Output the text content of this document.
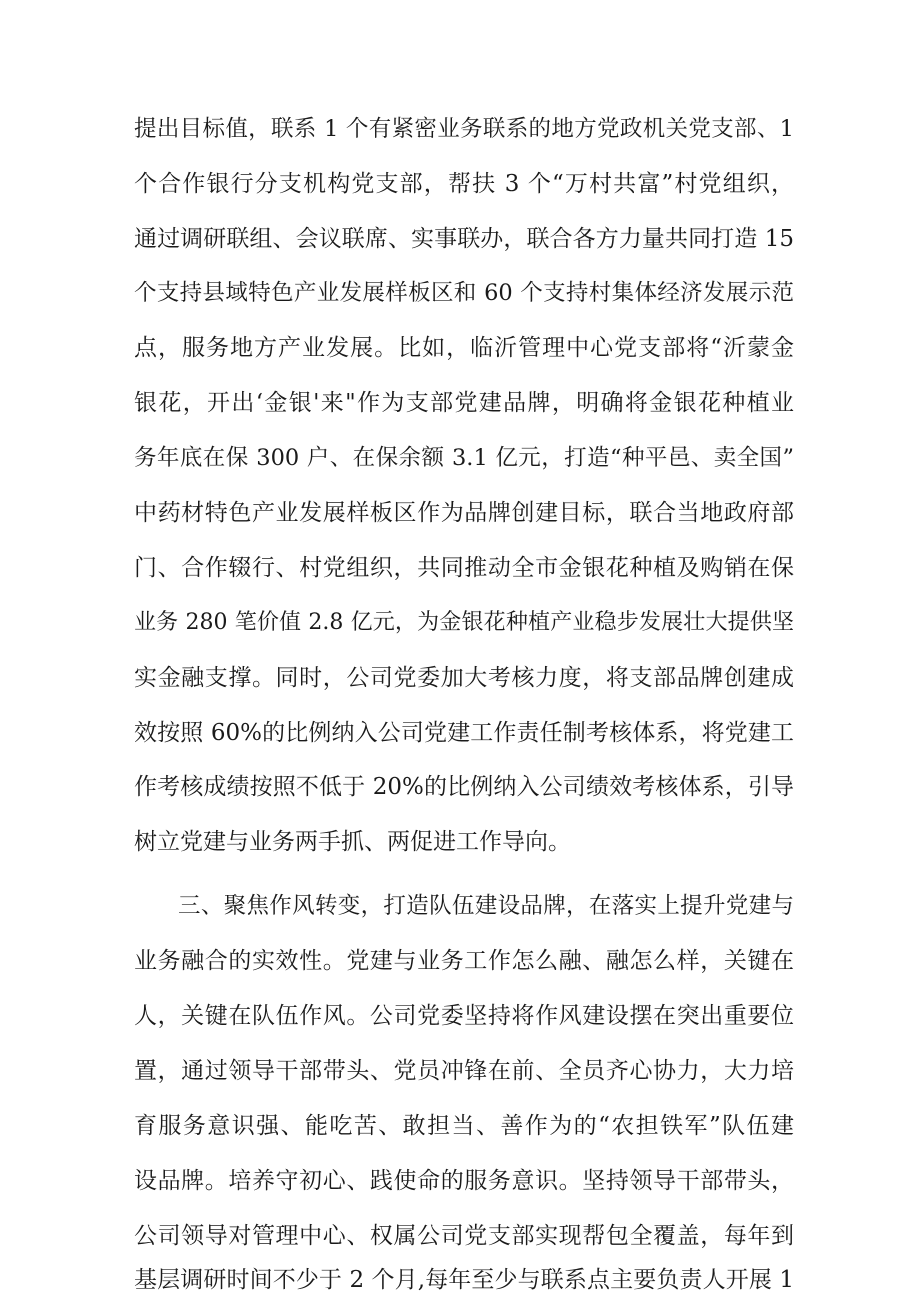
提出目标值，联系 1 个有紧密业务联系的地方党政机关党支部、1
个合作银行分支机构党支部，帮扶 3 个“万村共富”村党组织，
通过调研联组、会议联席、实事联办，联合各方力量共同打造 15
个支持县域特色产业发展样板区和 60 个支持村集体经济发展示范
点，服务地方产业发展。比如，临沂管理中心党支部将“沂蒙金
银花，开出‘金银'来"作为支部党建品牌，明确将金银花种植业
务年底在保 300 户、在保余额 3.1 亿元，打造“种平邑、卖全国”
中药材特色产业发展样板区作为品牌创建目标，联合当地政府部
门、合作辍行、村党组织，共同推动全市金银花种植及购销在保
业务 280 笔价值 2.8 亿元，为金银花种植产业稳步发展壮大提供坚
实金融支撑。同时，公司党委加大考核力度，将支部品牌创建成
效按照 60%的比例纳入公司党建工作责任制考核体系，将党建工
作考核成绩按照不低于 20%的比例纳入公司绩效考核体系，引导
树立党建与业务两手抓、两促进工作导向。
三、聚焦作风转变，打造队伍建设品牌，在落实上提升党建与
业务融合的实效性。党建与业务工作怎么融、融怎么样，关键在
人，关键在队伍作风。公司党委坚持将作风建设摆在突出重要位
置，通过领导干部带头、党员冲锋在前、全员齐心协力，大力培
育服务意识强、能吃苦、敢担当、善作为的“农担铁军”队伍建
设品牌。培养守初心、践使命的服务意识。坚持领导干部带头，
公司领导对管理中心、权属公司党支部实现帮包全覆盖，每年到
基层调研时间不少于 2 个月,每年至少与联系点主要负责人开展 1
